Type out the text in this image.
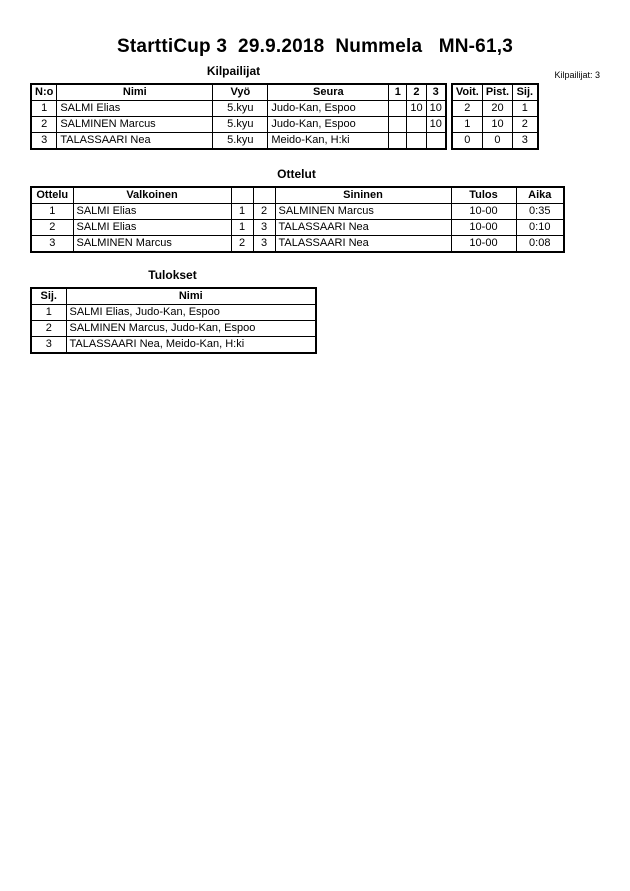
StarttiCup 3  29.9.2018  Nummela   MN-61,3
Kilpailijat	Kilpailijat: 3
N:o	Nimi	Vyö	Seura	1	2	3
1	SALMI Elias	5.kyu	Judo-Kan, Espoo		10	10
2	SALMINEN Marcus	5.kyu	Judo-Kan, Espoo			10
3	TALASSAARI Nea	5.kyu	Meido-Kan, H:ki			
Voit.	Pist.	Sij.
2	20	1
1	10	2
0	0	3
Ottelut
Ottelu	Valkoinen			Sininen	Tulos	Aika
1	SALMI Elias	1	2	SALMINEN Marcus	10-00	0:35
2	SALMI Elias	1	3	TALASSAARI Nea	10-00	0:10
3	SALMINEN Marcus	2	3	TALASSAARI Nea	10-00	0:08
Tulokset
Sij.	Nimi
1	SALMI Elias, Judo-Kan, Espoo
2	SALMINEN Marcus, Judo-Kan, Espoo
3	TALASSAARI Nea, Meido-Kan, H:ki
